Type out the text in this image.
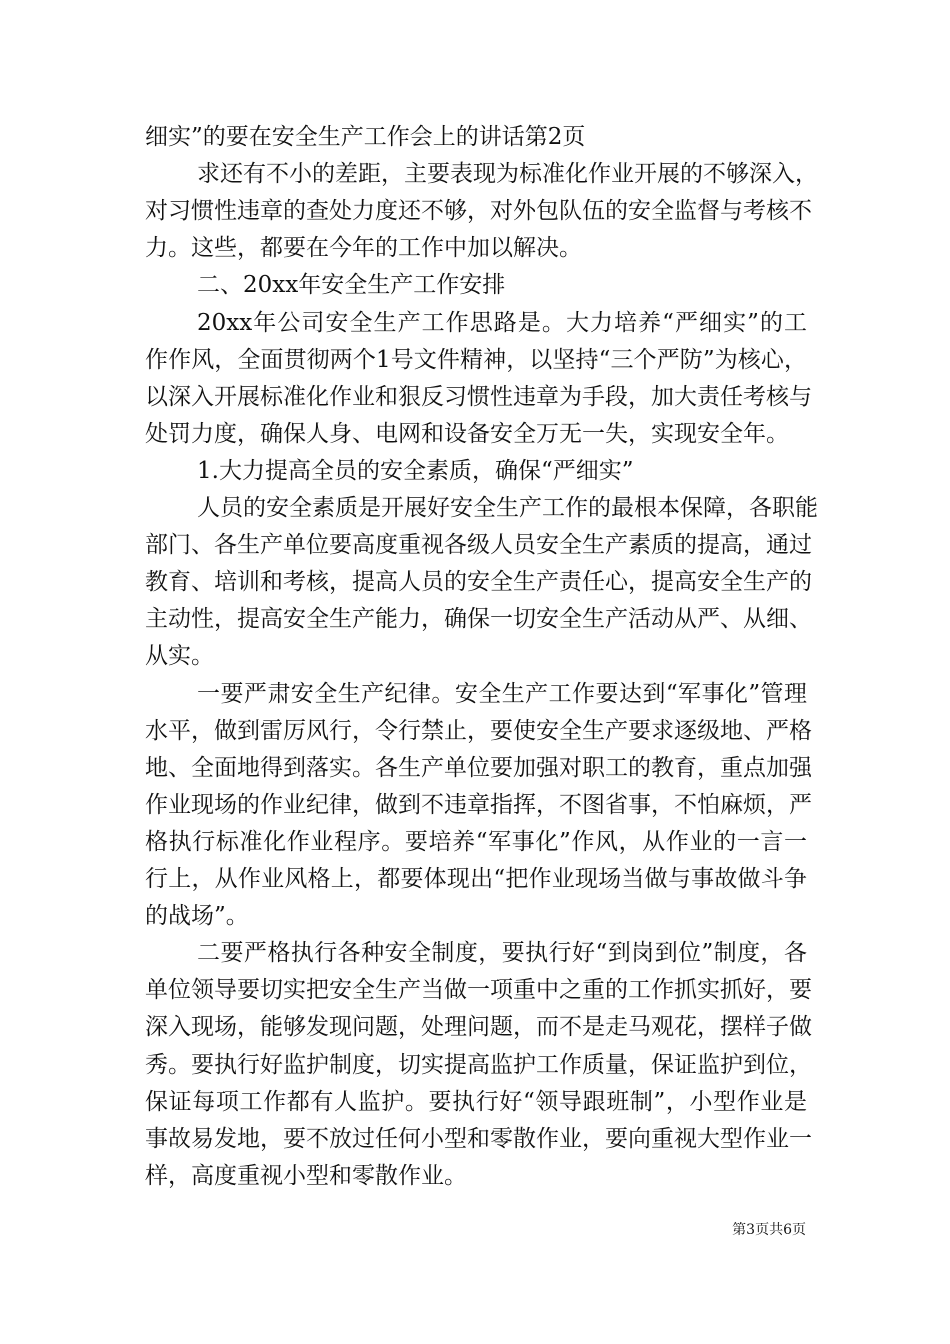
细实”的要在安全生产工作会上的讲话第2页
求还有不小的差距，主要表现为标准化作业开展的不够深入，
对习惯性违章的查处力度还不够，对外包队伍的安全监督与考核不
力。这些，都要在今年的工作中加以解决。
二、20xx年安全生产工作安排
20xx年公司安全生产工作思路是。大力培养“严细实”的工
作作风，全面贯彻两个1号文件精神，以坚持“三个严防”为核心，
以深入开展标准化作业和狠反习惯性违章为手段，加大责任考核与
处罚力度，确保人身、电网和设备安全万无一失，实现安全年。
1.大力提高全员的安全素质，确保“严细实”
人员的安全素质是开展好安全生产工作的最根本保障，各职能
部门、各生产单位要高度重视各级人员安全生产素质的提高，通过
教育、培训和考核，提高人员的安全生产责任心，提高安全生产的
主动性，提高安全生产能力，确保一切安全生产活动从严、从细、
从实。
一要严肃安全生产纪律。安全生产工作要达到“军事化”管理
水平，做到雷厉风行，令行禁止，要使安全生产要求逐级地、严格
地、全面地得到落实。各生产单位要加强对职工的教育，重点加强
作业现场的作业纪律，做到不违章指挥，不图省事，不怕麻烦，严
格执行标准化作业程序。要培养“军事化”作风，从作业的一言一
行上，从作业风格上，都要体现出“把作业现场当做与事故做斗争
的战场”。
二要严格执行各种安全制度，要执行好“到岗到位”制度，各
单位领导要切实把安全生产当做一项重中之重的工作抓实抓好，要
深入现场，能够发现问题，处理问题，而不是走马观花，摆样子做
秀。要执行好监护制度，切实提高监护工作质量，保证监护到位，
保证每项工作都有人监护。要执行好“领导跟班制”，小型作业是
事故易发地，要不放过任何小型和零散作业，要向重视大型作业一
样，高度重视小型和零散作业。
第3页共6页
